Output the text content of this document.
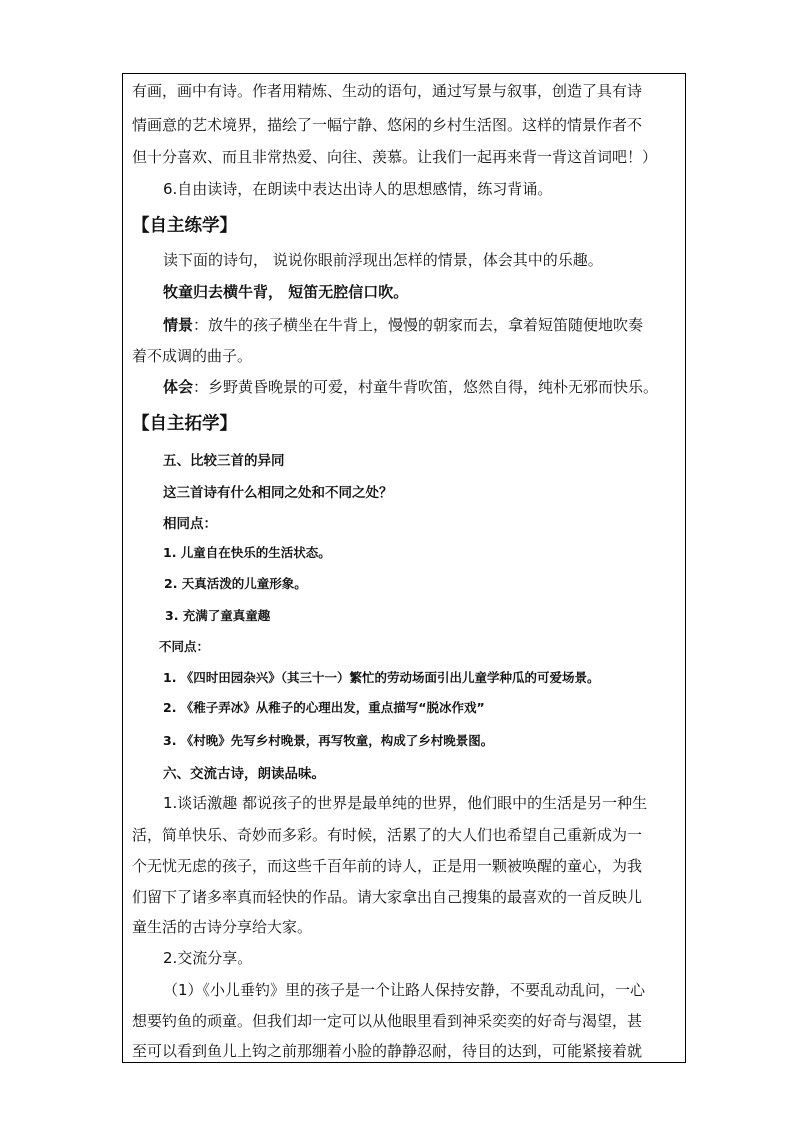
有画，画中有诗。作者用精炼、生动的语句，通过写景与叙事，创造了具有诗
情画意的艺术境界，描绘了一幅宁静、悠闲的乡村生活图。这样的情景作者不
但十分喜欢、而且非常热爱、向往、羡慕。让我们一起再来背一背这首词吧！）
6.自由读诗，在朗读中表达出诗人的思想感情，练习背诵。
【自主练学】
读下面的诗句， 说说你眼前浮现出怎样的情景，体会其中的乐趣。
牧童归去横牛背， 短笛无腔信口吹。
情景：放牛的孩子横坐在牛背上，慢慢的朝家而去，拿着短笛随便地吹奏
着不成调的曲子。
体会：乡野黄昏晚景的可爱，村童牛背吹笛，悠然自得，纯朴无邪而快乐。
【自主拓学】
五、比较三首的异同
这三首诗有什么相同之处和不同之处？
相同点：
1. 儿童自在快乐的生活状态。
2. 天真活泼的儿童形象。
3. 充满了童真童趣
不同点：
1. 《四时田园杂兴》（其三十一）繁忙的劳动场面引出儿童学种瓜的可爱场景。
2. 《稚子弄冰》从稚子的心理出发，重点描写“脱冰作戏”
3. 《村晚》先写乡村晚景，再写牧童，构成了乡村晚景图。
六、交流古诗，朗读品味。
1.谈话激趣 都说孩子的世界是最单纯的世界，他们眼中的生活是另一种生
活，简单快乐、奇妙而多彩。有时候，活累了的大人们也希望自己重新成为一
个无忧无虑的孩子，而这些千百年前的诗人，正是用一颗被唤醒的童心，为我
们留下了诸多率真而轻快的作品。请大家拿出自己搜集的最喜欢的一首反映儿
童生活的古诗分享给大家。
2.交流分享。
（1）《小儿垂钓》里的孩子是一个让路人保持安静，不要乱动乱问，一心
想要钓鱼的顽童。但我们却一定可以从他眼里看到神采奕奕的好奇与渴望，甚
至可以看到鱼儿上钩之前那绷着小脸的静静忍耐，待目的达到，可能紧接着就
